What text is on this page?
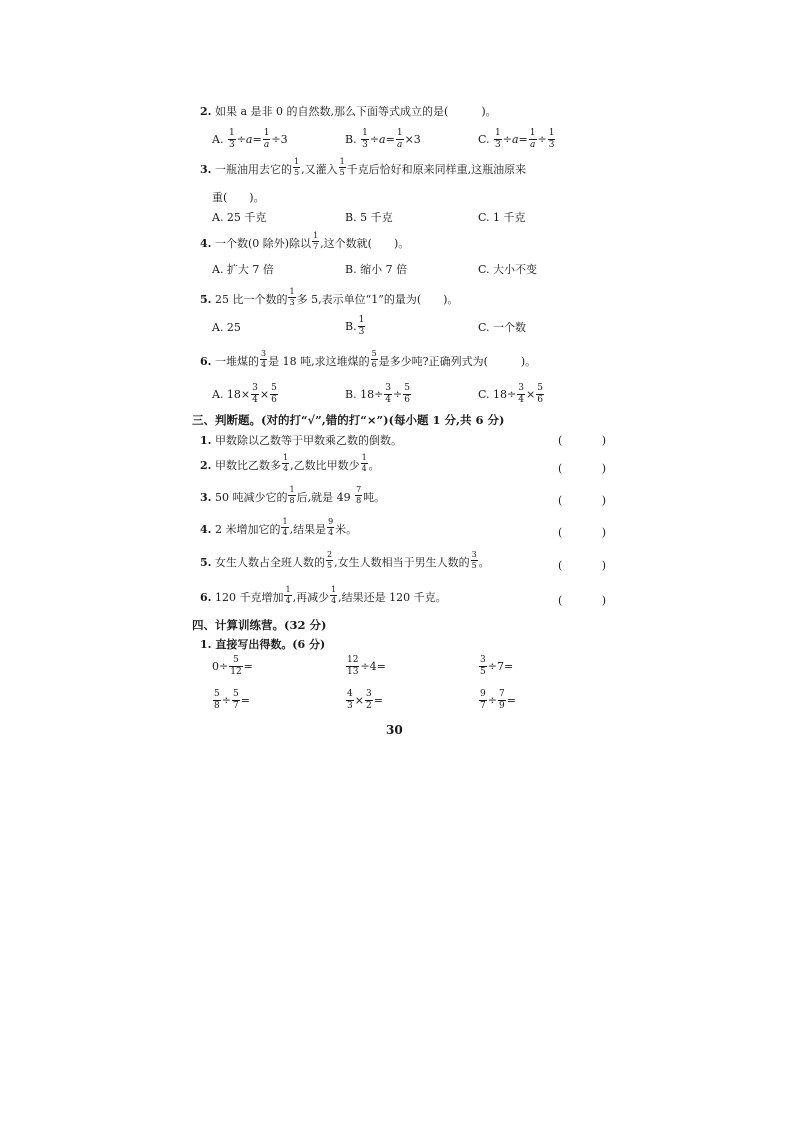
2. 如果 a 是非 0 的自然数,那么下面等式成立的是(　　　)。
A. $\frac{1}{3} \div a= \frac{1}{a} \div 3$	B. $\frac{1}{3} \div a= \frac{1}{a} \times 3$	C. $\frac{1}{3} \div a= \frac{1}{a} \div \frac{1}{3}$
3. 一瓶油用去它的 $\frac{1}{5}$ ,又灌入 $\frac{1}{5}$ 千克后恰好和原来同样重,这瓶油原来
重(　　)。
A. 25 千克	B. 5 千克	C. 1 千克
4. 一个数(0 除外)除以 $\frac{1}{7}$ ,这个数就(　　)。
A. 扩大 7 倍	B. 缩小 7 倍	C. 大小不变
5. 25 比一个数的 $\frac{1}{3}$ 多 5,表示单位“1”的量为(　　)。
A. 25	B. $\frac{1}{3}$	C. 一个数
6. 一堆煤的 $\frac{3}{4}$ 是 18 吨,求这堆煤的 $\frac{5}{6}$ 是多少吨?正确列式为(　　　)。
A. $18\times \frac{3}{4} \times \frac{5}{6}$	B. $18\div \frac{3}{4} \div \frac{5}{6}$	C. $18\div \frac{3}{4} \times \frac{5}{6}$
三、判断题。(对的打“√”,错的打“×”)(每小题 1 分,共 6 分)
1. 甲数除以乙数等于甲数乘乙数的倒数。	(	)
2. 甲数比乙数多 $\frac{1}{4}$ ,乙数比甲数少 $\frac{1}{4}$ 。	(	)
3. 50 吨减少它的 $\frac{1}{8}$ 后,就是 $49 \frac{7}{8}$ 吨。	(	)
4. 2 米增加它的 $\frac{1}{4}$ ,结果是 $\frac{9}{4}$ 米。	(	)
5. 女生人数占全班人数的 $\frac{2}{5}$ ,女生人数相当于男生人数的 $\frac{3}{5}$ 。	(	)
6. 120 千克增加 $\frac{1}{4}$ ,再减少 $\frac{1}{4}$ ,结果还是 120 千克。	(	)
四、计算训练营。(32 分)
1. 直接写出得数。(6 分)
$0\div \frac{5}{12}$ =	$\frac{12}{13} \div 4=$	$\frac{3}{5} \div 7=$
$\frac{5}{8} \div \frac{5}{7}$ =	$\frac{4}{3} \times \frac{3}{2}$ =	$\frac{9}{7} \div \frac{7}{9}$ =
30
